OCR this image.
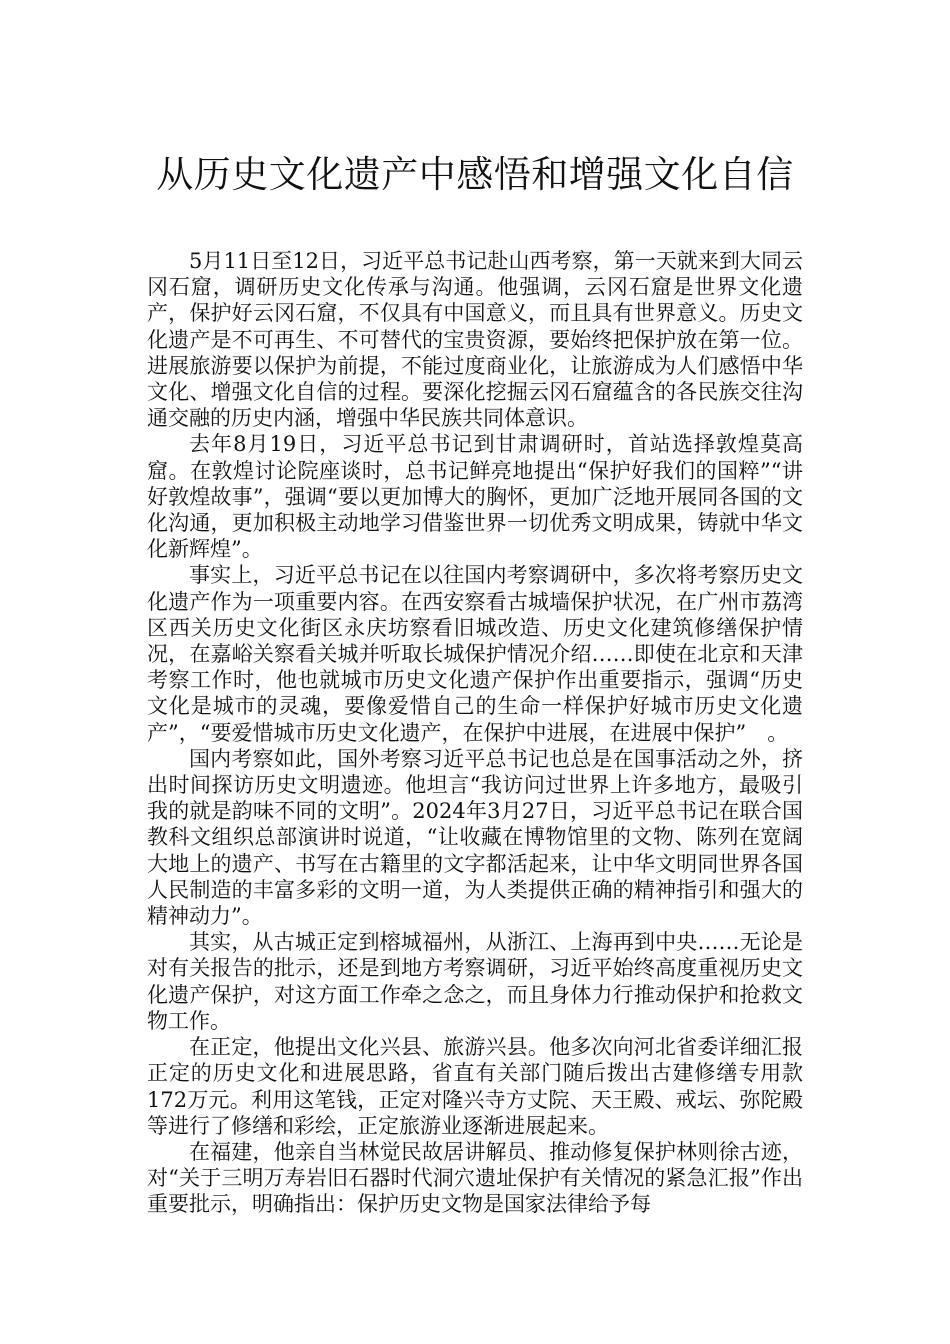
从历史文化遗产中感悟和增强文化自信

5月11日至12日，习近平总书记赴山西考察，第一天就来到大同云冈石窟，调研历史文化传承与沟通。他强调，云冈石窟是世界文化遗产，保护好云冈石窟，不仅具有中国意义，而且具有世界意义。历史文化遗产是不可再生、不可替代的宝贵资源，要始终把保护放在第一位。进展旅游要以保护为前提，不能过度商业化，让旅游成为人们感悟中华文化、增强文化自信的过程。要深化挖掘云冈石窟蕴含的各民族交往沟通交融的历史内涵，增强中华民族共同体意识。

去年8月19日，习近平总书记到甘肃调研时，首站选择敦煌莫高窟。在敦煌讨论院座谈时，总书记鲜亮地提出“保护好我们的国粹”“讲好敦煌故事”，强调“要以更加博大的胸怀，更加广泛地开展同各国的文化沟通，更加积极主动地学习借鉴世界一切优秀文明成果，铸就中华文化新辉煌”。

事实上，习近平总书记在以往国内考察调研中，多次将考察历史文化遗产作为一项重要内容。在西安察看古城墙保护状况，在广州市荔湾区西关历史文化街区永庆坊察看旧城改造、历史文化建筑修缮保护情况，在嘉峪关察看关城并听取长城保护情况介绍……即使在北京和天津考察工作时，他也就城市历史文化遗产保护作出重要指示，强调“历史文化是城市的灵魂，要像爱惜自己的生命一样保护好城市历史文化遗产”，“要爱惜城市历史文化遗产，在保护中进展，在进展中保护”　。

国内考察如此，国外考察习近平总书记也总是在国事活动之外，挤出时间探访历史文明遗迹。他坦言“我访问过世界上许多地方，最吸引我的就是韵味不同的文明”。2024年3月27日，习近平总书记在联合国教科文组织总部演讲时说道，“让收藏在博物馆里的文物、陈列在宽阔大地上的遗产、书写在古籍里的文字都活起来，让中华文明同世界各国人民制造的丰富多彩的文明一道，为人类提供正确的精神指引和强大的精神动力”。

其实，从古城正定到榕城福州，从浙江、上海再到中央……无论是对有关报告的批示，还是到地方考察调研，习近平始终高度重视历史文化遗产保护，对这方面工作牵之念之，而且身体力行推动保护和抢救文物工作。

在正定，他提出文化兴县、旅游兴县。他多次向河北省委详细汇报正定的历史文化和进展思路，省直有关部门随后拨出古建修缮专用款172万元。利用这笔钱，正定对隆兴寺方丈院、天王殿、戒坛、弥陀殿等进行了修缮和彩绘，正定旅游业逐渐进展起来。

在福建，他亲自当林觉民故居讲解员、推动修复保护林则徐古迹，对“关于三明万寿岩旧石器时代洞穴遗址保护有关情况的紧急汇报”作出重要批示，明确指出：保护历史文物是国家法律给予每
